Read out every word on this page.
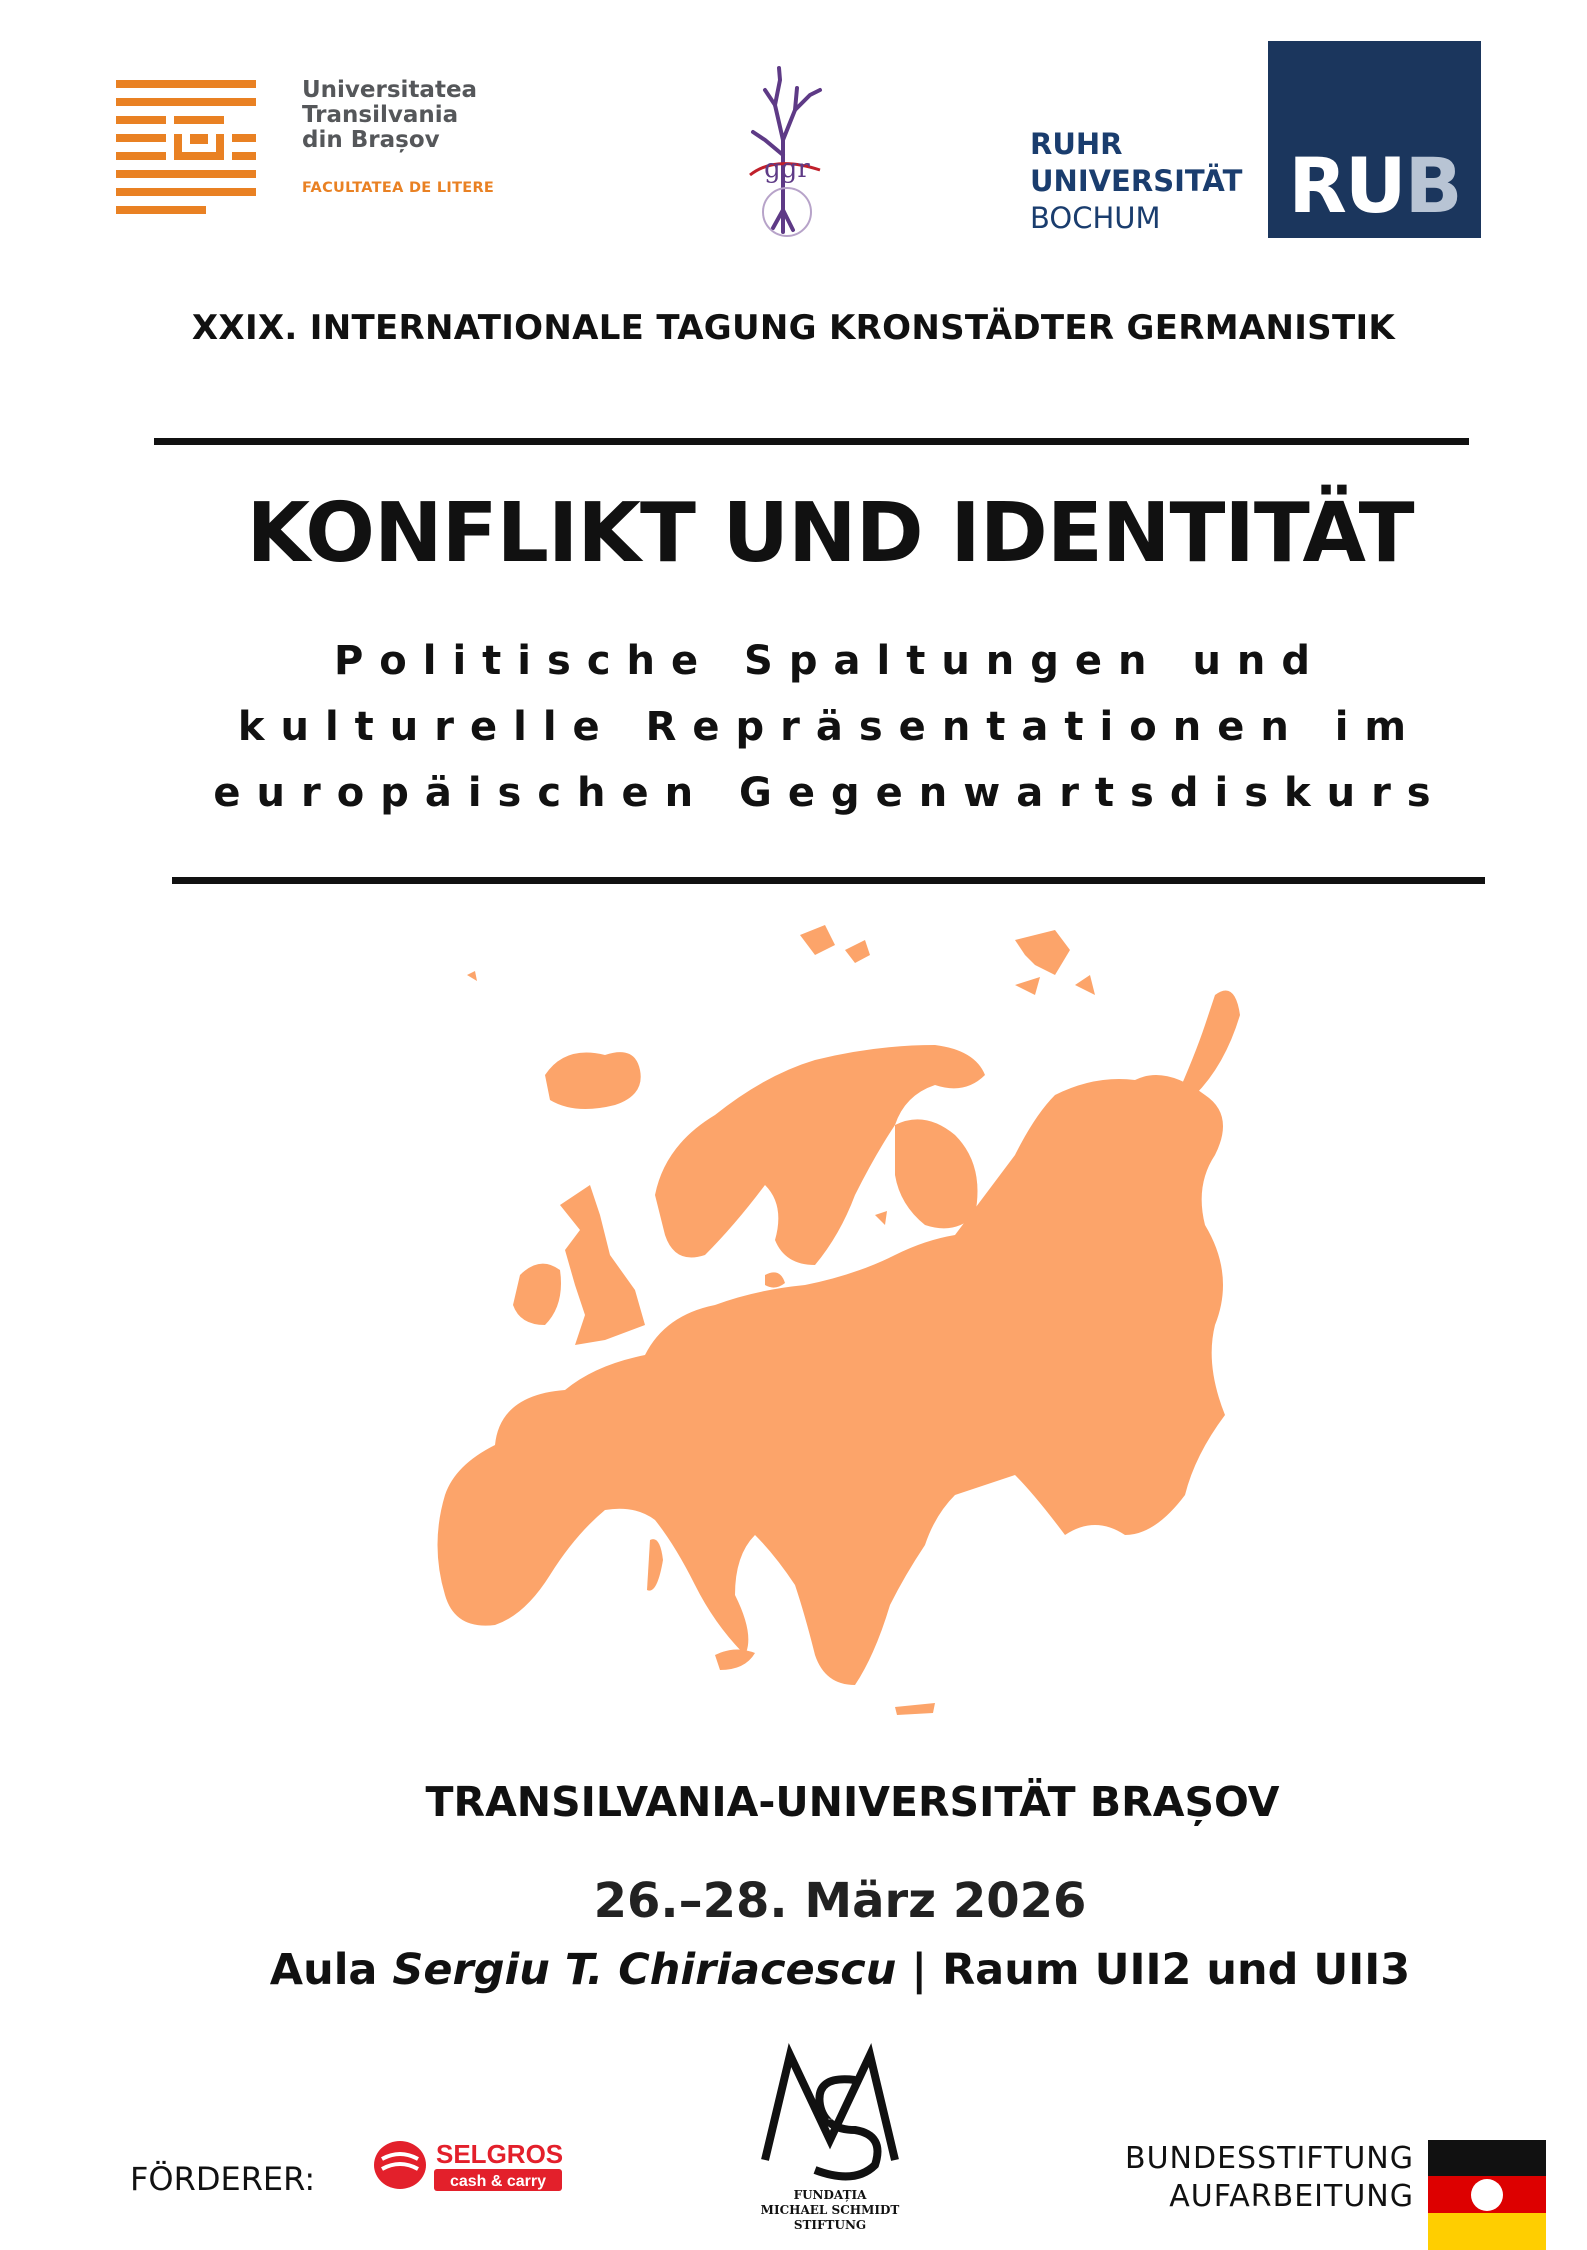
Universitatea
Transilvania
din Brașov
FACULTATEA DE LITERE
ggr
RUHR
UNIVERSITÄT
BOCHUM	RUB
XXIX. INTERNATIONALE TAGUNG KRONSTÄDTER GERMANISTIK
KONFLIKT UND IDENTITÄT
Politische Spaltungen und
kulturelle Repräsentationen im
europäischen Gegenwartsdiskurs
TRANSILVANIA-UNIVERSITÄT BRAȘOV
26.–28. März 2026
Aula Sergiu T. Chiriacescu | Raum UII2 und UII3
FÖRDERER:
SELGROS
cash & carry
MS
FUNDAȚIA
MICHAEL SCHMIDT
STIFTUNG
BUNDESSTIFTUNG
AUFARBEITUNG
